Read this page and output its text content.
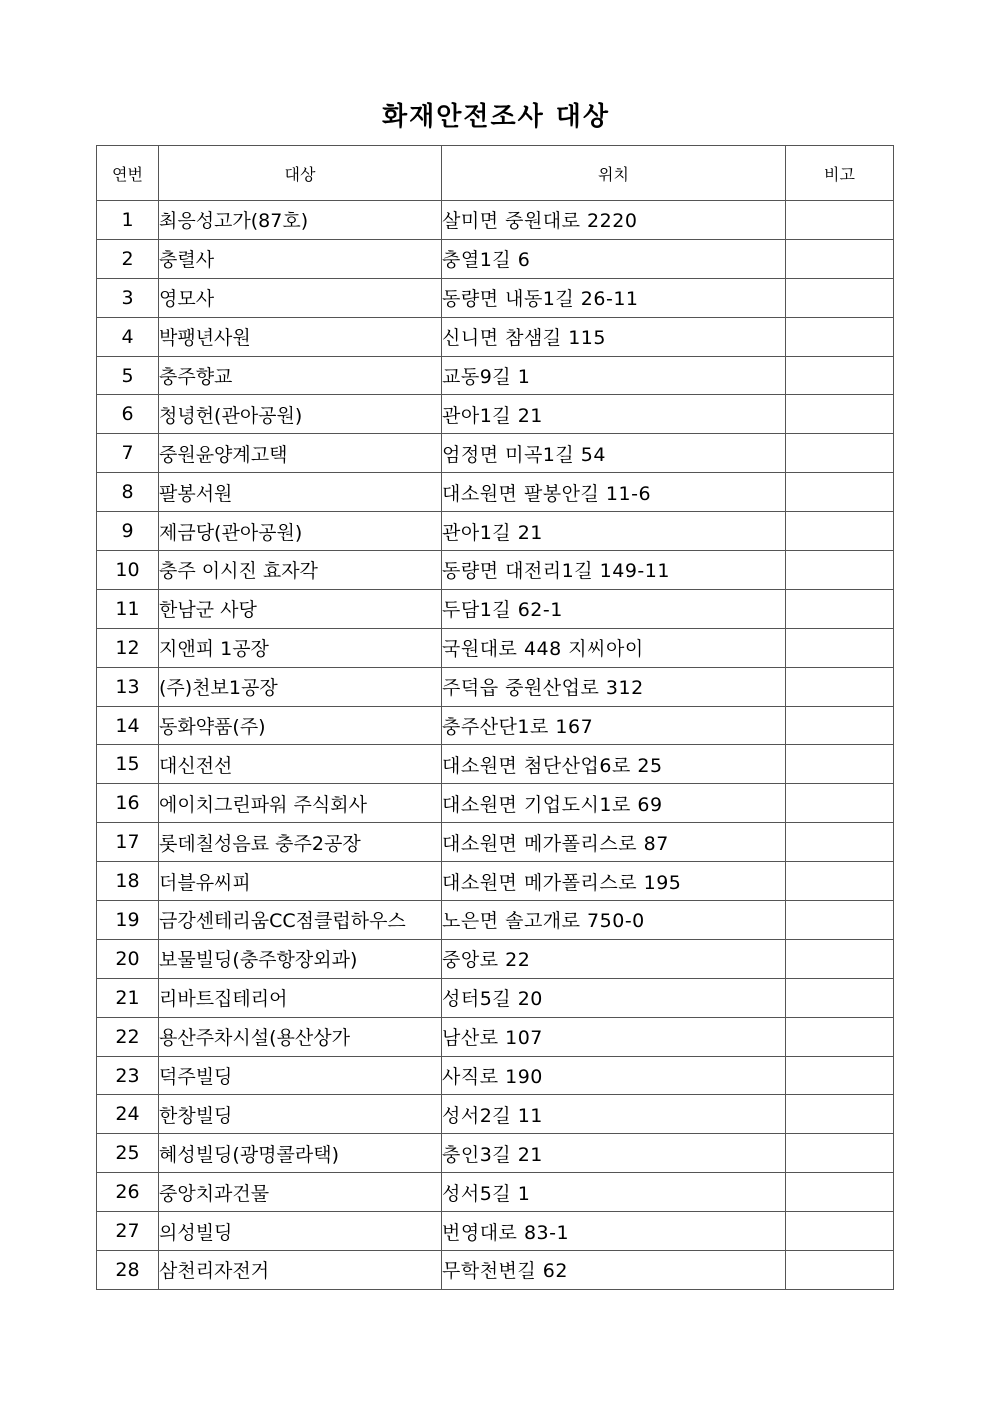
화재안전조사 대상
연번	대상	위치	비고
1	최응성고가(87호)	살미면 중원대로 2220	
2	충렬사	충열1길 6	
3	영모사	동량면 내동1길 26-11	
4	박팽년사원	신니면 참샘길 115	
5	충주향교	교동9길 1	
6	청녕헌(관아공원)	관아1길 21	
7	중원윤양계고택	엄정면 미곡1길 54	
8	팔봉서원	대소원면 팔봉안길 11-6	
9	제금당(관아공원)	관아1길 21	
10	충주 이시진 효자각	동량면 대전리1길 149-11	
11	한남군 사당	두담1길 62-1	
12	지앤피 1공장	국원대로 448 지씨아이	
13	(주)천보1공장	주덕읍 중원산업로 312	
14	동화약품(주)	충주산단1로 167	
15	대신전선	대소원면 첨단산업6로 25	
16	에이치그린파워 주식회사	대소원면 기업도시1로 69	
17	롯데칠성음료 충주2공장	대소원면 메가폴리스로 87	
18	더블유씨피	대소원면 메가폴리스로 195	
19	금강센테리움CC점클럽하우스	노은면 솔고개로 750-0	
20	보물빌딩(충주항장외과)	중앙로 22	
21	리바트집테리어	성터5길 20	
22	용산주차시설(용산상가	남산로 107	
23	덕주빌딩	사직로 190	
24	한창빌딩	성서2길 11	
25	혜성빌딩(광명콜라택)	충인3길 21	
26	중앙치과건물	성서5길 1	
27	의성빌딩	번영대로 83-1	
28	삼천리자전거	무학천변길 62	
